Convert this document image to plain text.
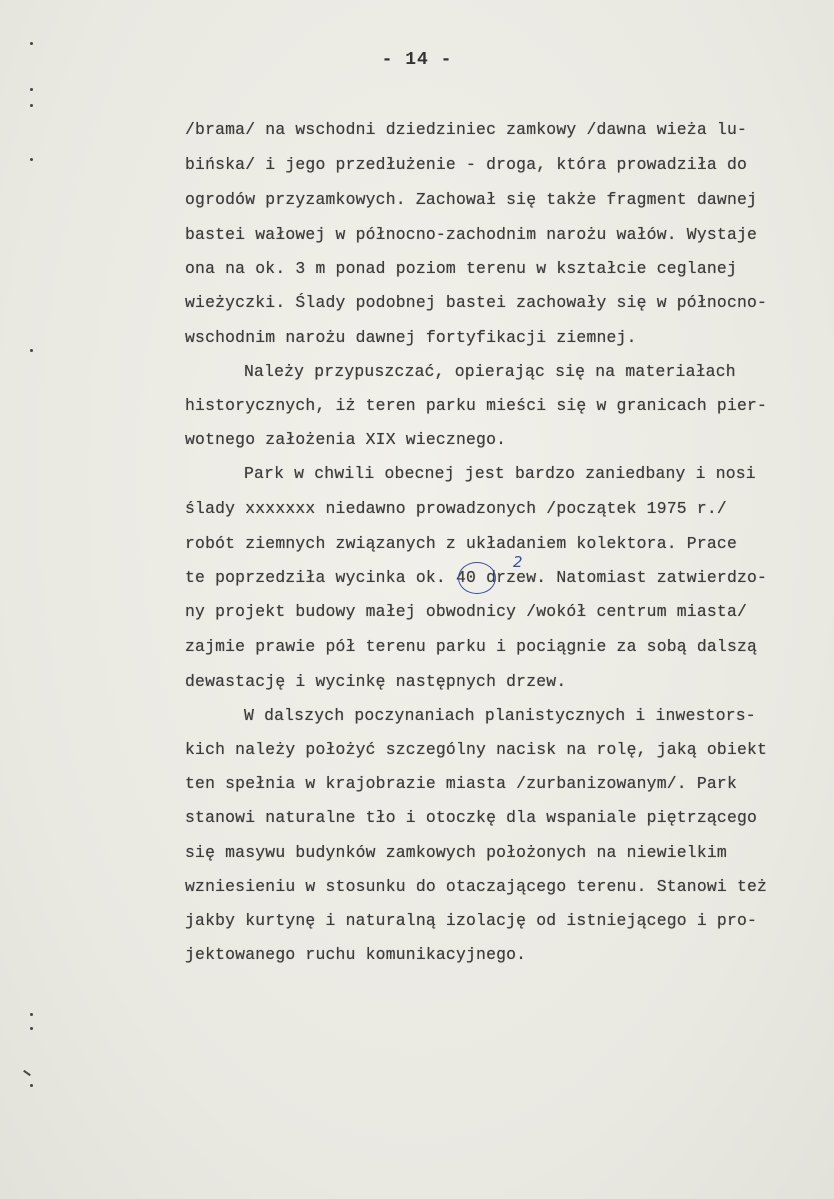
- 14 -
/brama/ na wschodni dziedziniec zamkowy /dawna wieża lu-
bińska/ i jego przedłużenie - droga, która prowadziła do
ogrodów przyzamkowych. Zachował się także fragment dawnej
bastei wałowej w północno-zachodnim narożu wałów. Wystaje
ona na ok. 3 m ponad poziom terenu w kształcie ceglanej
wieżyczki. Ślady podobnej bastei zachowały się w północno-
wschodnim narożu dawnej fortyfikacji ziemnej.
Należy przypuszczać, opierając się na materiałach
historycznych, iż teren parku mieści się w granicach pier-
wotnego założenia XIX wiecznego.
Park w chwili obecnej jest bardzo zaniedbany i nosi
ślady xxxxxxx niedawno prowadzonych /początek 1975 r./
robót ziemnych związanych z układaniem kolektora. Prace
te poprzedziła wycinka ok. 40 drzew. Natomiast zatwierdzo-
ny projekt budowy małej obwodnicy /wokół centrum miasta/
zajmie prawie pół terenu parku i pociągnie za sobą dalszą
dewastację i wycinkę następnych drzew.
W dalszych poczynaniach planistycznych i inwestors-
kich należy położyć szczególny nacisk na rolę, jaką obiekt
ten spełnia w krajobrazie miasta /zurbanizowanym/. Park
stanowi naturalne tło i otoczkę dla wspaniale piętrzącego
się masywu budynków zamkowych położonych na niewielkim
wzniesieniu w stosunku do otaczającego terenu. Stanowi też
jakby kurtynę i naturalną izolację od istniejącego i pro-
jektowanego ruchu komunikacyjnego.
2
